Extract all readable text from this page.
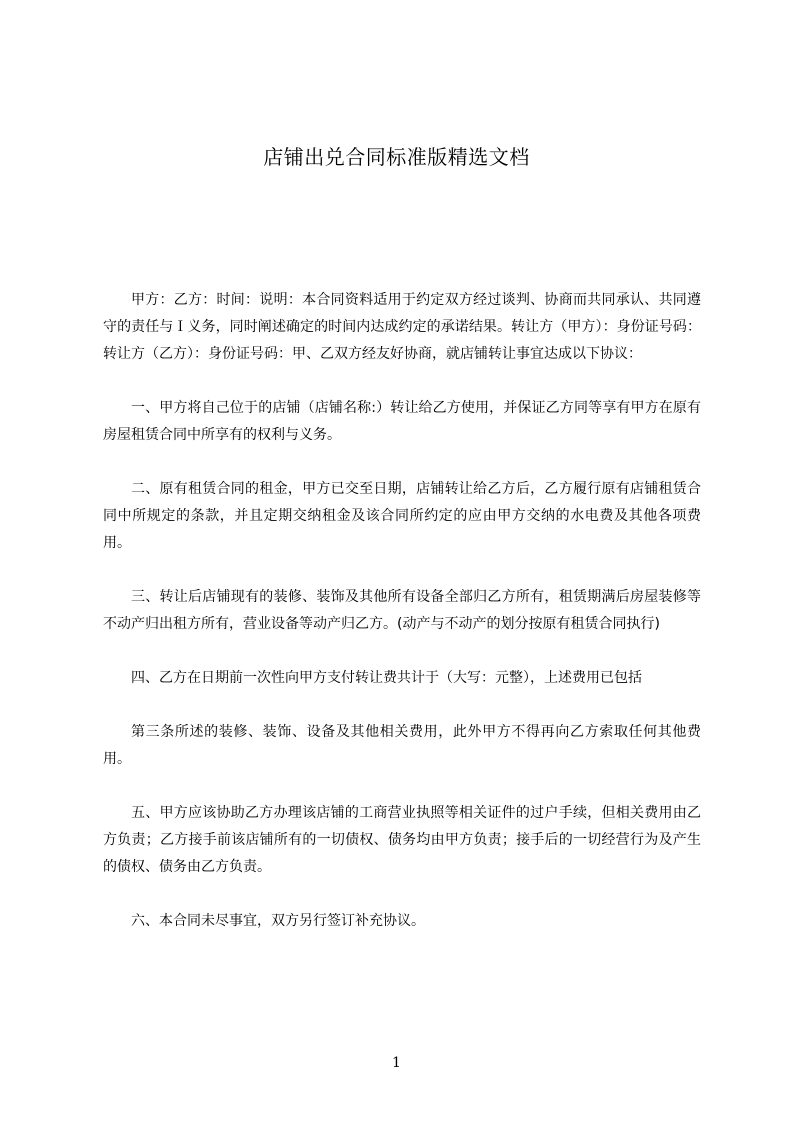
店铺出兑合同标准版精选文档

甲方：乙方：时间：说明：本合同资料适用于约定双方经过谈判、协商而共同承认、共同遵守的责任与Ｉ义务，同时阐述确定的时间内达成约定的承诺结果。转让方（甲方）：身份证号码：转让方（乙方）：身份证号码：甲、乙双方经友好协商，就店铺转让事宜达成以下协议：

一、甲方将自己位于的店铺（店铺名称:）转让给乙方使用，并保证乙方同等享有甲方在原有房屋租赁合同中所享有的权利与义务。

二、原有租赁合同的租金，甲方已交至日期，店铺转让给乙方后，乙方履行原有店铺租赁合同中所规定的条款，并且定期交纳租金及该合同所约定的应由甲方交纳的水电费及其他各项费用。

三、转让后店铺现有的装修、装饰及其他所有设备全部归乙方所有，租赁期满后房屋装修等不动产归出租方所有，营业设备等动产归乙方。(动产与不动产的划分按原有租赁合同执行)

四、乙方在日期前一次性向甲方支付转让费共计于（大写：元整），上述费用已包括

第三条所述的装修、装饰、设备及其他相关费用，此外甲方不得再向乙方索取任何其他费用。

五、甲方应该协助乙方办理该店铺的工商营业执照等相关证件的过户手续，但相关费用由乙方负责；乙方接手前该店铺所有的一切债权、债务均由甲方负责；接手后的一切经营行为及产生的债权、债务由乙方负责。

六、本合同未尽事宜，双方另行签订补充协议。

1
